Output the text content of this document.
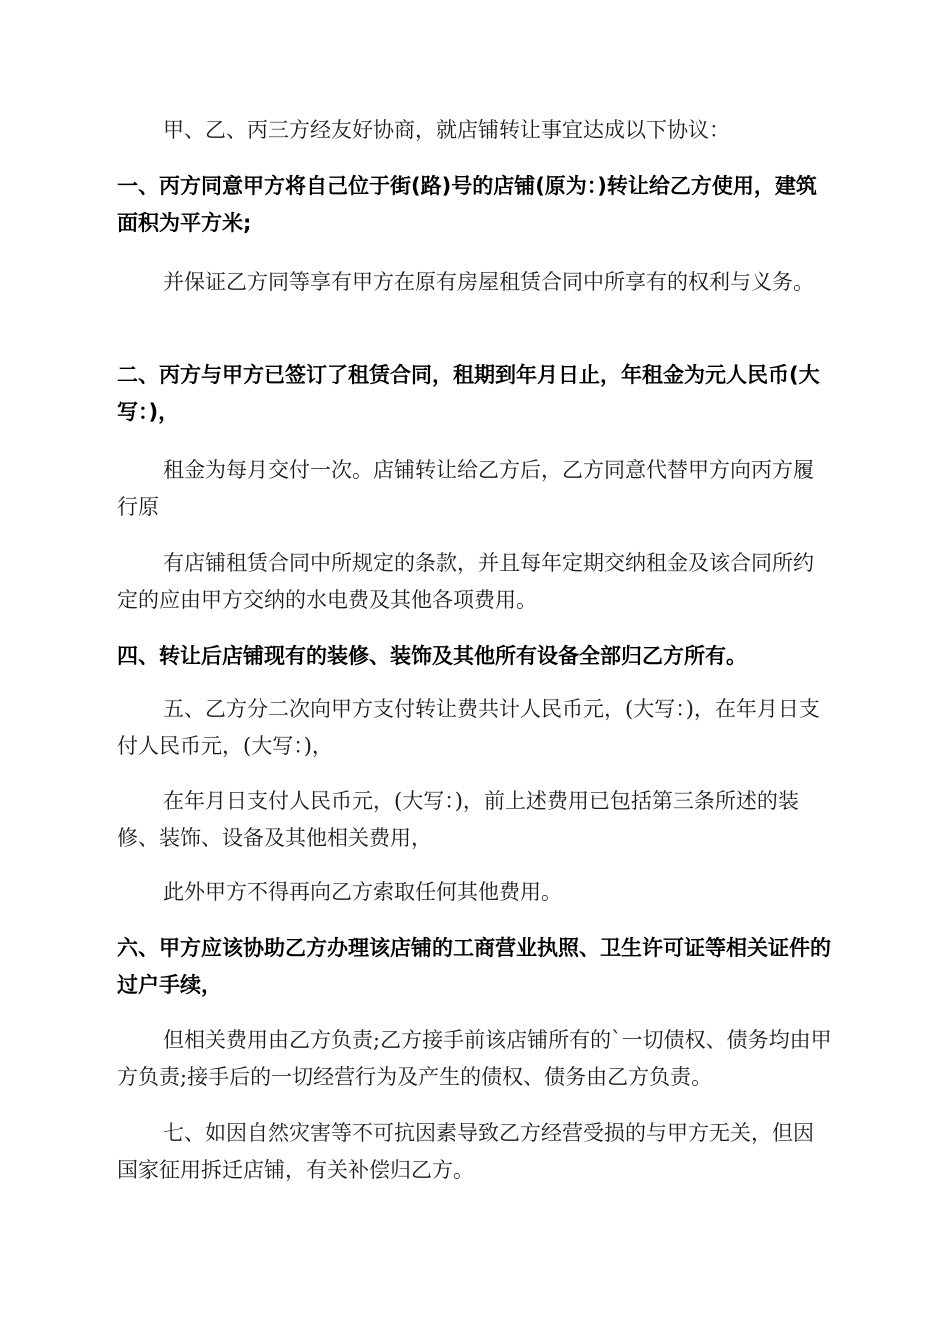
甲、乙、丙三方经友好协商，就店铺转让事宜达成以下协议：

一、丙方同意甲方将自己位于街(路)号的店铺(原为：)转让给乙方使用，建筑面积为平方米;

并保证乙方同等享有甲方在原有房屋租赁合同中所享有的权利与义务。

二、丙方与甲方已签订了租赁合同，租期到年月日止，年租金为元人民币(大写：)，

租金为每月交付一次。店铺转让给乙方后，乙方同意代替甲方向丙方履行原

有店铺租赁合同中所规定的条款，并且每年定期交纳租金及该合同所约定的应由甲方交纳的水电费及其他各项费用。

四、转让后店铺现有的装修、装饰及其他所有设备全部归乙方所有。

五、乙方分二次向甲方支付转让费共计人民币元，(大写：)，在年月日支付人民币元，(大写：)，

在年月日支付人民币元，(大写：)，前上述费用已包括第三条所述的装修、装饰、设备及其他相关费用，

此外甲方不得再向乙方索取任何其他费用。

六、甲方应该协助乙方办理该店铺的工商营业执照、卫生许可证等相关证件的过户手续，

但相关费用由乙方负责;乙方接手前该店铺所有的`一切债权、债务均由甲方负责;接手后的一切经营行为及产生的债权、债务由乙方负责。

七、如因自然灾害等不可抗因素导致乙方经营受损的与甲方无关，但因国家征用拆迁店铺，有关补偿归乙方。
